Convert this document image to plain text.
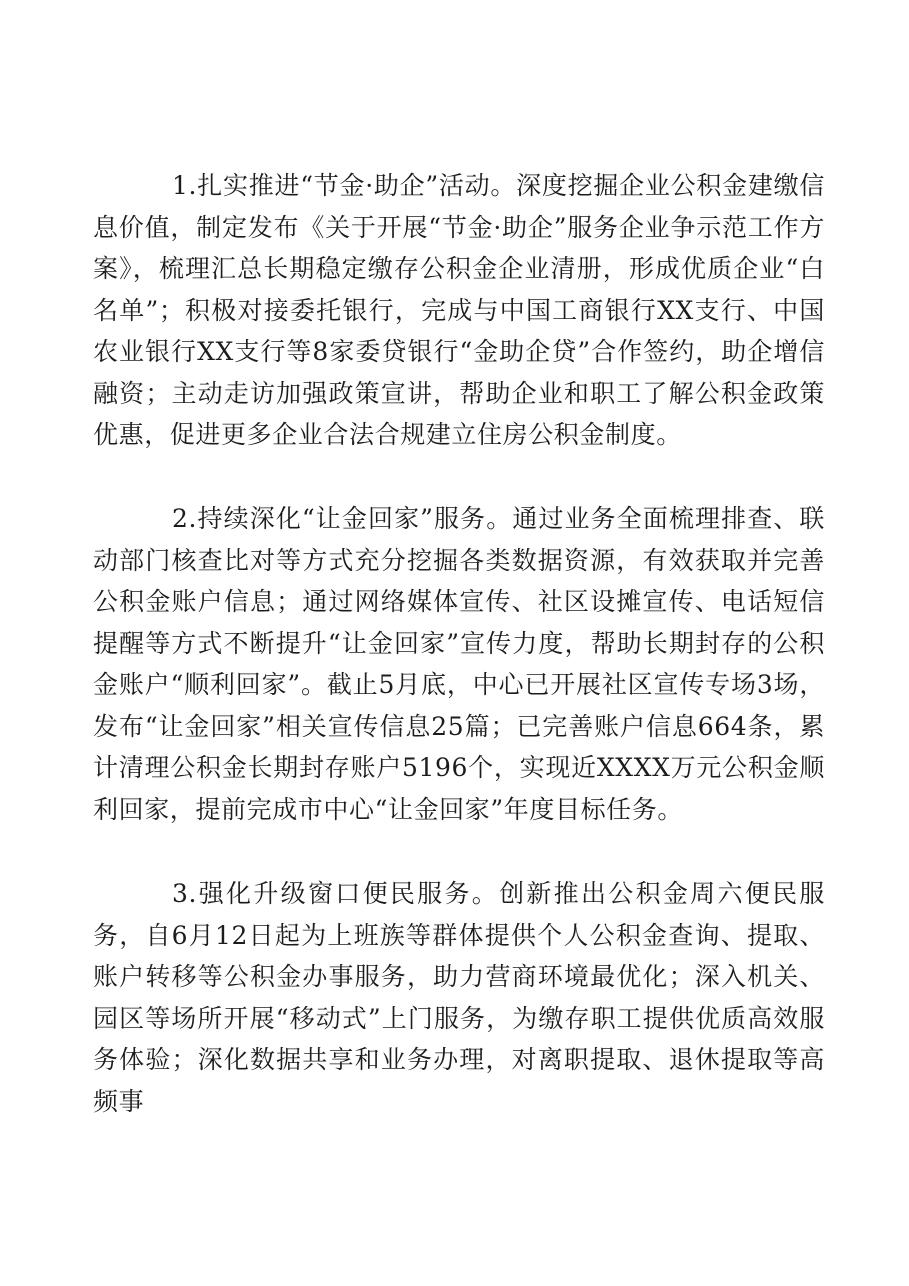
1.扎实推进“节金·助企”活动。深度挖掘企业公积金建缴信息价值，制定发布《关于开展“节金·助企”服务企业争示范工作方案》，梳理汇总长期稳定缴存公积金企业清册，形成优质企业“白名单”；积极对接委托银行，完成与中国工商银行XX支行、中国农业银行XX支行等8家委贷银行“金助企贷”合作签约，助企增信融资；主动走访加强政策宣讲，帮助企业和职工了解公积金政策优惠，促进更多企业合法合规建立住房公积金制度。

2.持续深化“让金回家”服务。通过业务全面梳理排查、联动部门核查比对等方式充分挖掘各类数据资源，有效获取并完善公积金账户信息；通过网络媒体宣传、社区设摊宣传、电话短信提醒等方式不断提升“让金回家”宣传力度，帮助长期封存的公积金账户“顺利回家”。截止5月底，中心已开展社区宣传专场3场，发布“让金回家”相关宣传信息25篇；已完善账户信息664条，累计清理公积金长期封存账户5196个，实现近XXXX万元公积金顺利回家，提前完成市中心“让金回家”年度目标任务。

3.强化升级窗口便民服务。创新推出公积金周六便民服务，自6月12日起为上班族等群体提供个人公积金查询、提取、账户转移等公积金办事服务，助力营商环境最优化；深入机关、园区等场所开展“移动式”上门服务，为缴存职工提供优质高效服务体验；深化数据共享和业务办理，对离职提取、退休提取等高频事
